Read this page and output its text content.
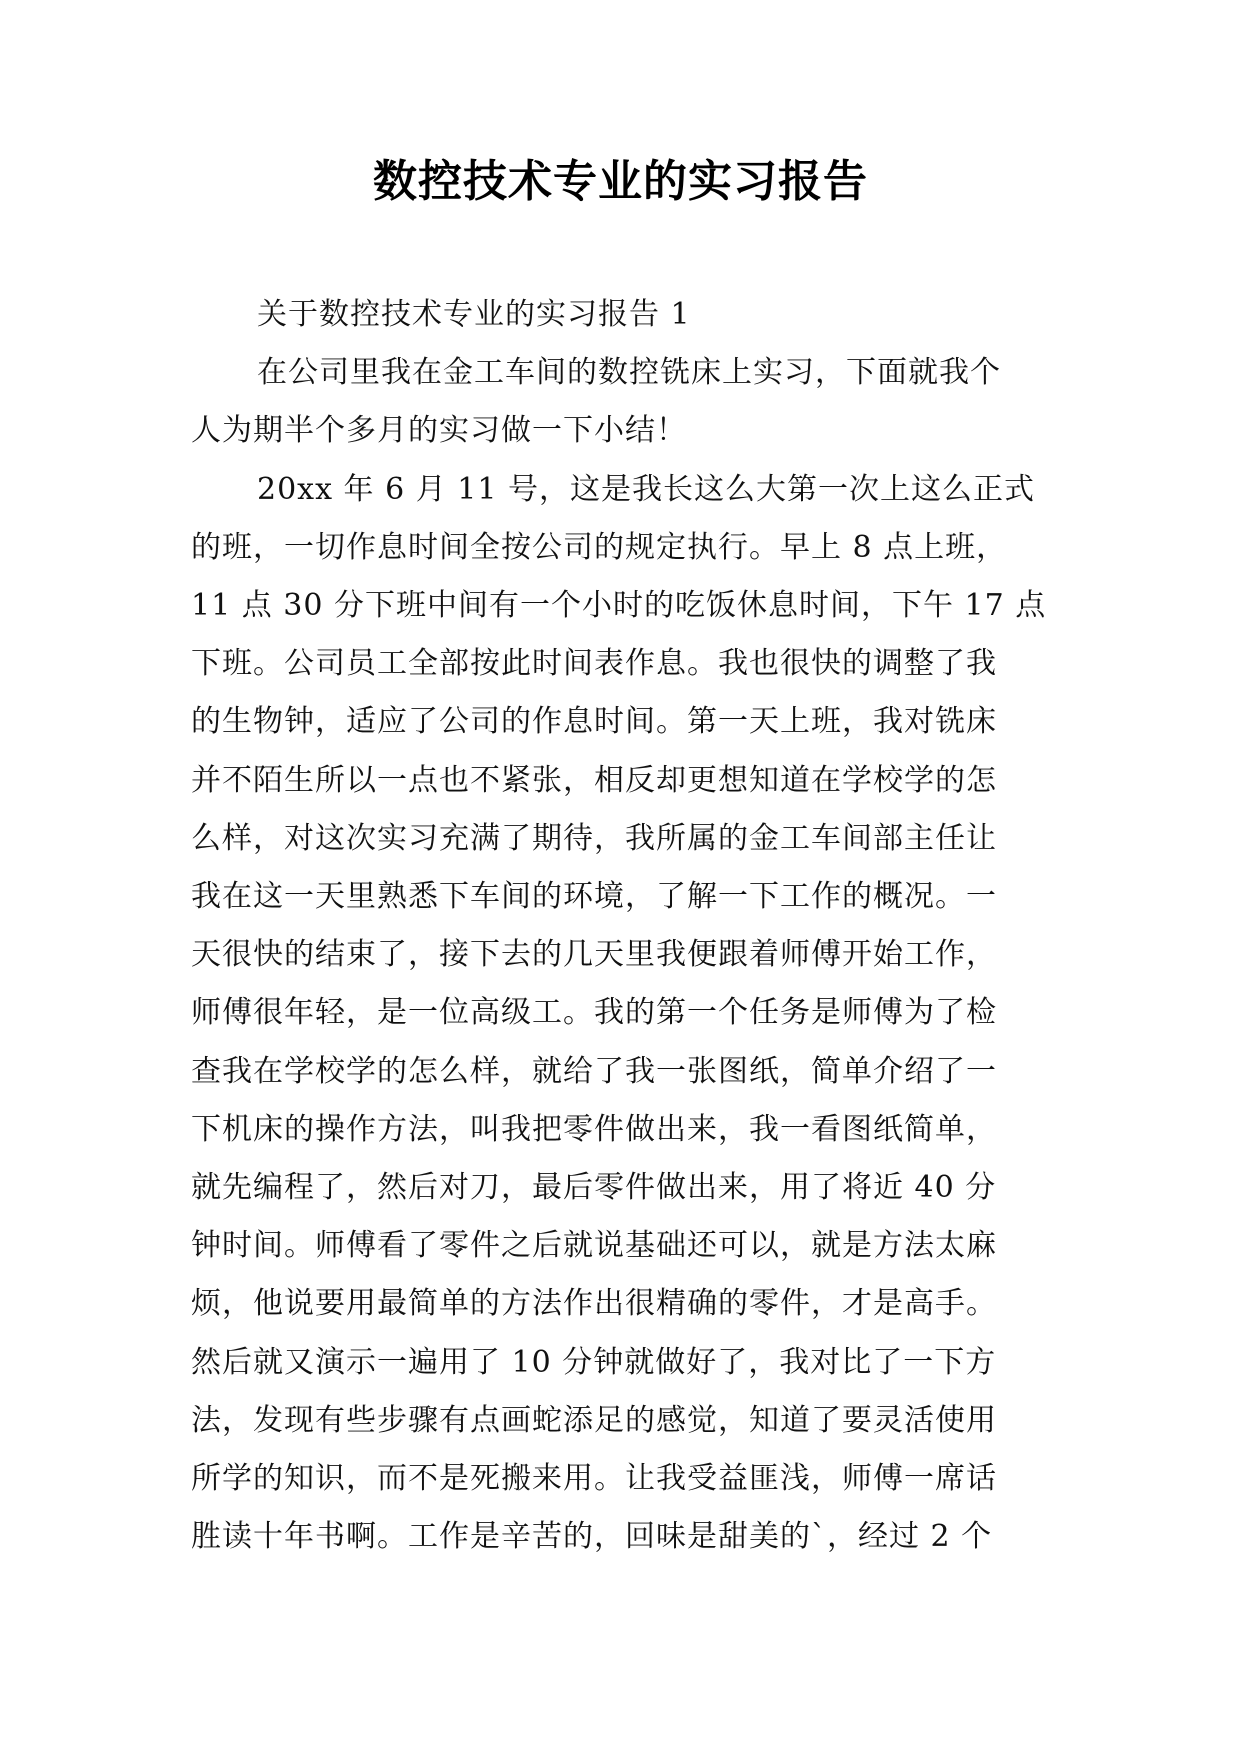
数控技术专业的实习报告
关于数控技术专业的实习报告 1
在公司里我在金工车间的数控铣床上实习，下面就我个
人为期半个多月的实习做一下小结！
20xx 年 6 月 11 号，这是我长这么大第一次上这么正式
的班，一切作息时间全按公司的规定执行。早上 8 点上班，
11 点 30 分下班中间有一个小时的吃饭休息时间，下午 17 点
下班。公司员工全部按此时间表作息。我也很快的调整了我
的生物钟，适应了公司的作息时间。第一天上班，我对铣床
并不陌生所以一点也不紧张，相反却更想知道在学校学的怎
么样，对这次实习充满了期待，我所属的金工车间部主任让
我在这一天里熟悉下车间的环境，了解一下工作的概况。一
天很快的结束了，接下去的几天里我便跟着师傅开始工作，
师傅很年轻，是一位高级工。我的第一个任务是师傅为了检
查我在学校学的怎么样，就给了我一张图纸，简单介绍了一
下机床的操作方法，叫我把零件做出来，我一看图纸简单，
就先编程了，然后对刀，最后零件做出来，用了将近 40 分
钟时间。师傅看了零件之后就说基础还可以，就是方法太麻
烦，他说要用最简单的方法作出很精确的零件，才是高手。
然后就又演示一遍用了 10 分钟就做好了，我对比了一下方
法，发现有些步骤有点画蛇添足的感觉，知道了要灵活使用
所学的知识，而不是死搬来用。让我受益匪浅，师傅一席话
胜读十年书啊。工作是辛苦的，回味是甜美的`，经过 2 个
